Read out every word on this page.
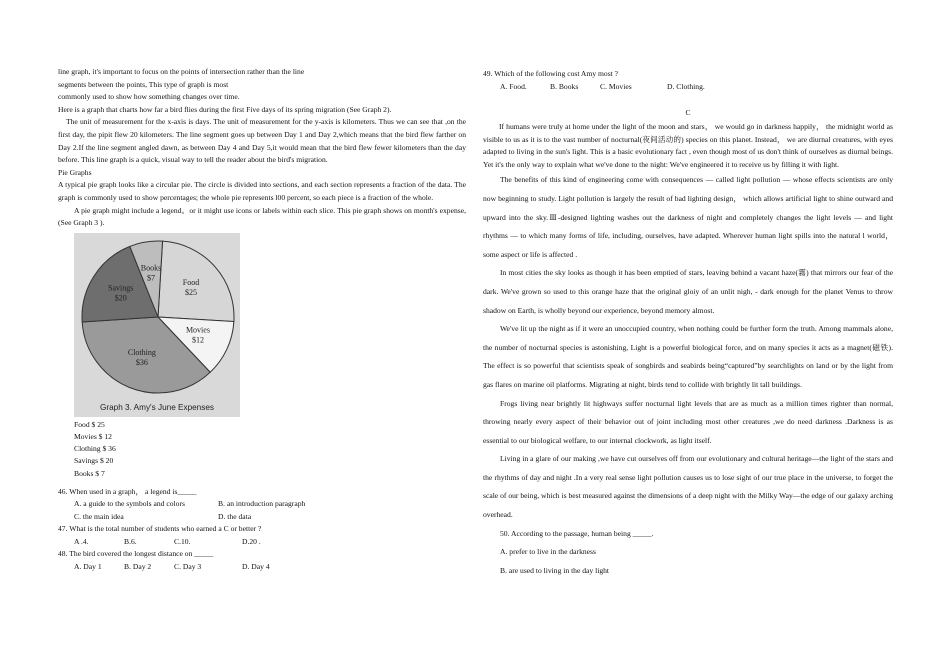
line graph, it's important to focus on the points of intersection rather than the line

segments between the points, This type of graph is most

commonly used to show how something changes over time.

Here is a graph that charts how far a bird flies during the first Five days of its spring migration (See Graph 2).

The unit of measurement for the x-axis is days. The unit of measurement for the y-axis is kilometers. Thus we can see that ,on the first day, the pipit flew 20 kilometers. The line segment goes up between Day 1 and Day 2,which means that the bird flew farther on Day 2.If the line segment angled dawn, as between Day 4 and Day 5,it would mean that the bird flew fewer kilometers than the day before. This line graph is a quick, visual way to tell the reader about the bird's migration.

Pie Graphs

A typical pie graph looks like a circular pie. The circle is divided into sections, and each section represents a fraction of the data. The graph is commonly used to show percentages; the whole pie represents l00 percent, so each piece is a fraction of the whole.

A pie graph might include a legend。or it might use icons or labels within each slice. This pie graph shows on month's expense, (See Graph 3 ).

Food $25
Movies $12
Clothing $36
Savings $20
Books $7
Graph 3. Amy's June Expenses
Food $ 25
Movies $ 12
Clothing $ 36
Savings $ 20
Books $ 7

46. When used in a graph， a legend is_____

A. a guide to the symbols and colors	B. an introduction paragraph
C. the main idea	D. the data

47. What is the total number of students who earned a C or better ?

A .4.	B.6.	C.10.	D.20 .

48. The bird covered the longest distance on _____

A. Day 1	B. Day 2	C. Day 3	D. Day 4

49. Which of the following cost Amy most ?

A. Food.	B. Books	C. Movies	D. Clothing.
C

If humans were truly at home under the light of the moon and stars， we would go in darkness happily， the midnight world as visible to us as it is to the vast number of nocturnal(夜间活动的) species on this planet. Instead， we are diurnal creatures, with eyes adapted to living in the sun's light. This is a basic evolutionary fact , even though most of us don't think of ourselves as diurnal beings. Yet it's the only way to explain what we've done to the night: We've engineered it to receive us by filling it with light.

The benefits of this kind of engineering come with consequences — called light pollution — whose effects scientists are only now beginning to study. Light pollution is largely the result of bad lighting design， which allows artificial light to shine outward and upward into the sky.Ⅲ-designed lighting washes out the darkness of night and completely changes the light levels — and light rhythms — to which many forms of life, including, ourselves, have adapted. Wherever human light spills into the natural l world， some aspect or life is affected .

In most cities the sky looks as though it has been emptied of stars, leaving behind a vacant haze(霧) that mirrors our fear of the dark. We've grown so used to this orange haze that the original gloiy of an unlit nigh, - dark enough for the planet Venus to throw shadow on Earth, is wholly beyond our experience, beyond memory almost.

We've lit up the night as if it were an unoccupied country, when nothing could be further form the truth. Among mammals alone, the number of nocturnal species is astonishing, Light is a powerful biological force, and on many species it acts as a magnet(磁铁). The effect is so powerful that scientists speak of songbirds and seabirds being“captured”by searchlights on land or by the light from gas flares on marine oil platforms. Migrating at night, birds tend to collide with brightly lit tall buildings.

Frogs living near brightly lit highways suffer nocturnal light levels that are as much as a million times righter than normal, throwing nearly every aspect of their behavior out of joint including most other creatures ,we do need darkness .Darkness is as essential to our biological welfare, to our internal clockwork, as light itself.

Living in a glare of our making ,we have cut ourselves off from our evolutionary and cultural heritage—the light of the stars and the rhythms of day and night .In a very real sense light pollution causes us to lose sight of our true place in the universe, to forget the scale of our being, which is best measured against the dimensions of a deep night with the Milky Way—the edge of our galaxy arching overhead.

50. According to the passage, human being _____.

A. prefer to live in the darkness

B. are used to living in the day light
